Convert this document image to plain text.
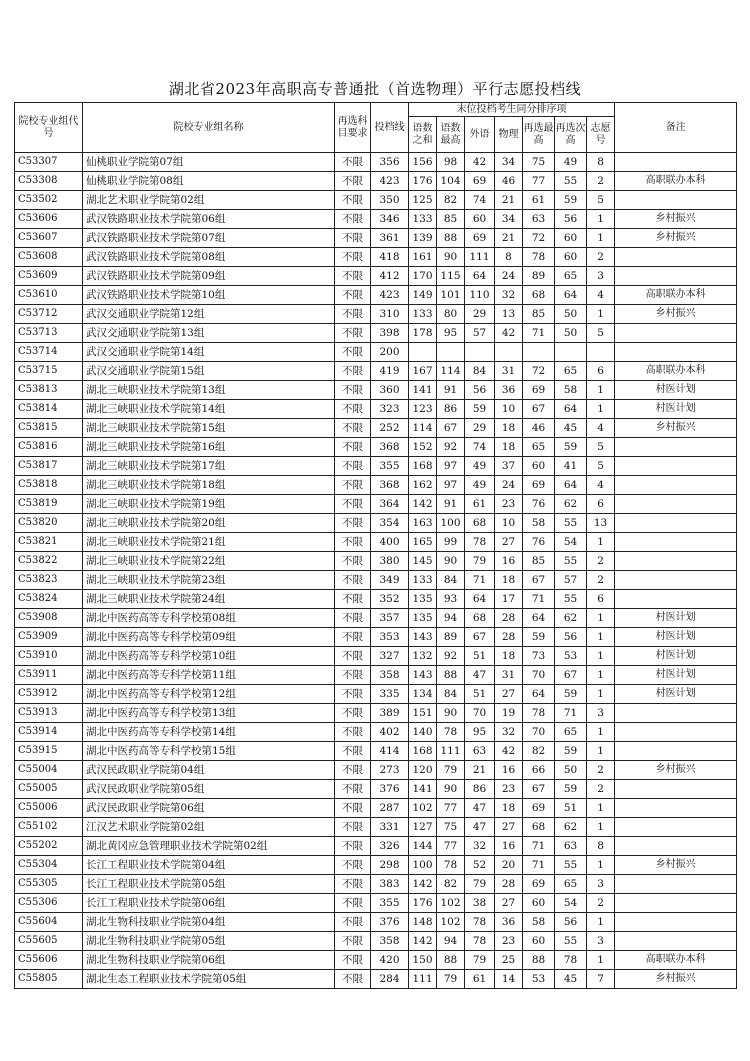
湖北省2023年高职高专普通批（首选物理）平行志愿投档线
院校专业组代号	院校专业组名称	再选科目要求	投档线	末位投档考生同分排序项							备注
				语数之和	语数最高	外语	物理	再选最高	再选次高	志愿号	
C53307	仙桃职业学院第07组	不限	356	156	98	42	34	75	49	8	
C53308	仙桃职业学院第08组	不限	423	176	104	69	46	77	55	2	高职联办本科
C53502	湖北艺术职业学院第02组	不限	350	125	82	74	21	61	59	5	
C53606	武汉铁路职业技术学院第06组	不限	346	133	85	60	34	63	56	1	乡村振兴
C53607	武汉铁路职业技术学院第07组	不限	361	139	88	69	21	72	60	1	乡村振兴
C53608	武汉铁路职业技术学院第08组	不限	418	161	90	111	8	78	60	2	
C53609	武汉铁路职业技术学院第09组	不限	412	170	115	64	24	89	65	3	
C53610	武汉铁路职业技术学院第10组	不限	423	149	101	110	32	68	64	4	高职联办本科
C53712	武汉交通职业学院第12组	不限	310	133	80	29	13	85	50	1	乡村振兴
C53713	武汉交通职业学院第13组	不限	398	178	95	57	42	71	50	5	
C53714	武汉交通职业学院第14组	不限	200								
C53715	武汉交通职业学院第15组	不限	419	167	114	84	31	72	65	6	高职联办本科
C53813	湖北三峡职业技术学院第13组	不限	360	141	91	56	36	69	58	1	村医计划
C53814	湖北三峡职业技术学院第14组	不限	323	123	86	59	10	67	64	1	村医计划
C53815	湖北三峡职业技术学院第15组	不限	252	114	67	29	18	46	45	4	乡村振兴
C53816	湖北三峡职业技术学院第16组	不限	368	152	92	74	18	65	59	5	
C53817	湖北三峡职业技术学院第17组	不限	355	168	97	49	37	60	41	5	
C53818	湖北三峡职业技术学院第18组	不限	368	162	97	49	24	69	64	4	
C53819	湖北三峡职业技术学院第19组	不限	364	142	91	61	23	76	62	6	
C53820	湖北三峡职业技术学院第20组	不限	354	163	100	68	10	58	55	13	
C53821	湖北三峡职业技术学院第21组	不限	400	165	99	78	27	76	54	1	
C53822	湖北三峡职业技术学院第22组	不限	380	145	90	79	16	85	55	2	
C53823	湖北三峡职业技术学院第23组	不限	349	133	84	71	18	67	57	2	
C53824	湖北三峡职业技术学院第24组	不限	352	135	93	64	17	71	55	6	
C53908	湖北中医药高等专科学校第08组	不限	357	135	94	68	28	64	62	1	村医计划
C53909	湖北中医药高等专科学校第09组	不限	353	143	89	67	28	59	56	1	村医计划
C53910	湖北中医药高等专科学校第10组	不限	327	132	92	51	18	73	53	1	村医计划
C53911	湖北中医药高等专科学校第11组	不限	358	143	88	47	31	70	67	1	村医计划
C53912	湖北中医药高等专科学校第12组	不限	335	134	84	51	27	64	59	1	村医计划
C53913	湖北中医药高等专科学校第13组	不限	389	151	90	70	19	78	71	3	
C53914	湖北中医药高等专科学校第14组	不限	402	140	78	95	32	70	65	1	
C53915	湖北中医药高等专科学校第15组	不限	414	168	111	63	42	82	59	1	
C55004	武汉民政职业学院第04组	不限	273	120	79	21	16	66	50	2	乡村振兴
C55005	武汉民政职业学院第05组	不限	376	141	90	86	23	67	59	2	
C55006	武汉民政职业学院第06组	不限	287	102	77	47	18	69	51	1	
C55102	江汉艺术职业学院第02组	不限	331	127	75	47	27	68	62	1	
C55202	湖北黄冈应急管理职业技术学院第02组	不限	326	144	77	32	16	71	63	8	
C55304	长江工程职业技术学院第04组	不限	298	100	78	52	20	71	55	1	乡村振兴
C55305	长江工程职业技术学院第05组	不限	383	142	82	79	28	69	65	3	
C55306	长江工程职业技术学院第06组	不限	355	176	102	38	27	60	54	2	
C55604	湖北生物科技职业学院第04组	不限	376	148	102	78	36	58	56	1	
C55605	湖北生物科技职业学院第05组	不限	358	142	94	78	23	60	55	3	
C55606	湖北生物科技职业学院第06组	不限	420	150	88	79	25	88	78	1	高职联办本科
C55805	湖北生态工程职业技术学院第05组	不限	284	111	79	61	14	53	45	7	乡村振兴
